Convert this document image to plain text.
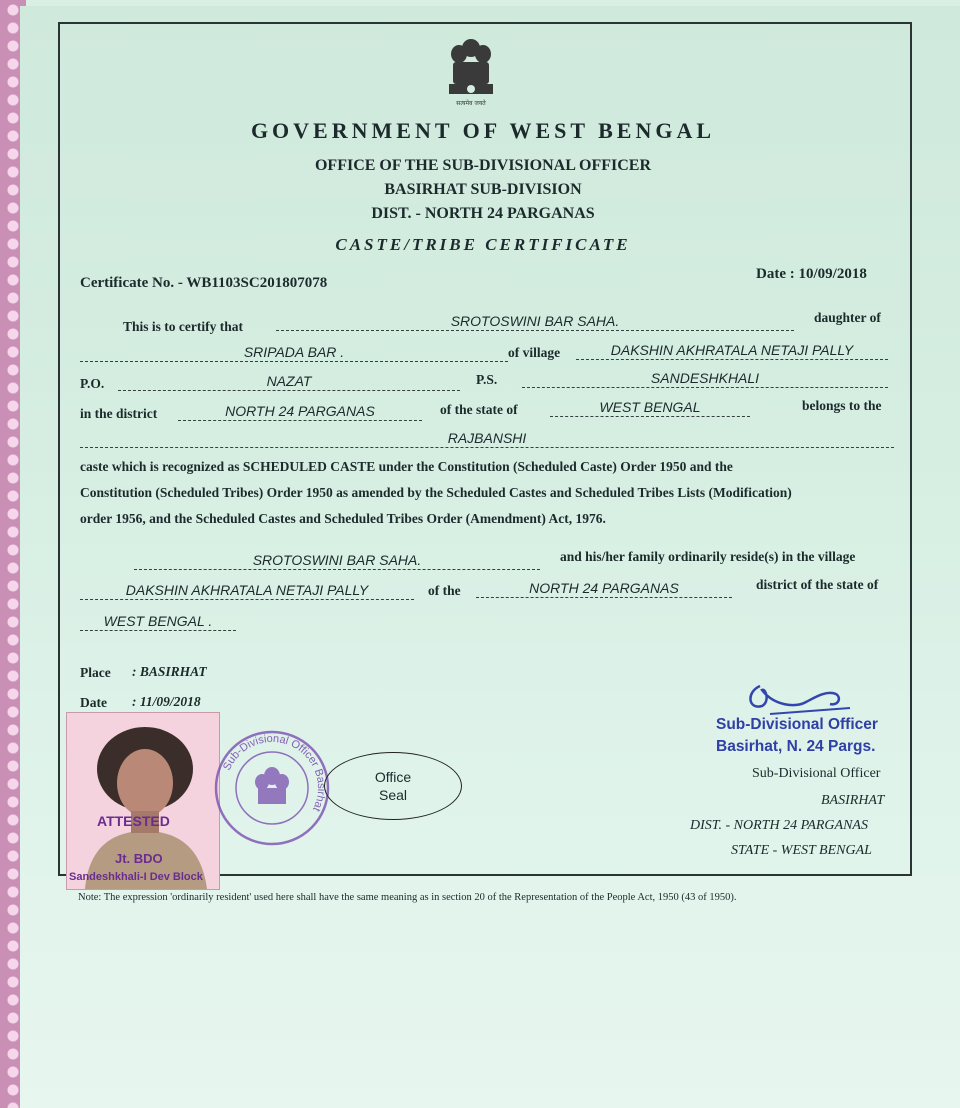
सत्यमेव जयते
GOVERNMENT OF WEST BENGAL
OFFICE OF THE SUB-DIVISIONAL OFFICER
BASIRHAT SUB-DIVISION
DIST. - NORTH 24 PARGANAS
CASTE/TRIBE CERTIFICATE
Certificate No. - WB1103SC201807078
Date : 10/09/2018
This is to certify that	SROTOSWINI BAR SAHA.	daughter of
SRIPADA BAR .	of village	DAKSHIN AKHRATALA NETAJI PALLY
P.O.	NAZAT	P.S.	SANDESHKHALI
in the district	NORTH 24 PARGANAS	of the state of	WEST BENGAL	belongs to the
RAJBANSHI
caste which is recognized as SCHEDULED CASTE under the Constitution (Scheduled Caste) Order 1950 and the
Constitution (Scheduled Tribes) Order 1950 as amended by the Scheduled Castes and Scheduled Tribes Lists (Modification)
order 1956, and the Scheduled Castes and Scheduled Tribes Order (Amendment) Act, 1976.
SROTOSWINI BAR SAHA.	and his/her family ordinarily reside(s) in the village
DAKSHIN AKHRATALA NETAJI PALLY	of the	NORTH 24 PARGANAS	district of the state of
WEST BENGAL .
Place : BASIRHAT
Date : 11/09/2018
ATTESTED
Jt. BDO
Sandeshkhali-I Dev Block
Sub-Divisional Officer Basirhat
Office
Seal
Sub-Divisional Officer
Basirhat, N. 24 Pargs.
Sub-Divisional Officer
BASIRHAT
DIST. - NORTH 24 PARGANAS
STATE - WEST BENGAL
Note: The expression 'ordinarily resident' used here shall have the same meaning as in section 20 of the Representation of the People Act, 1950 (43 of 1950).
